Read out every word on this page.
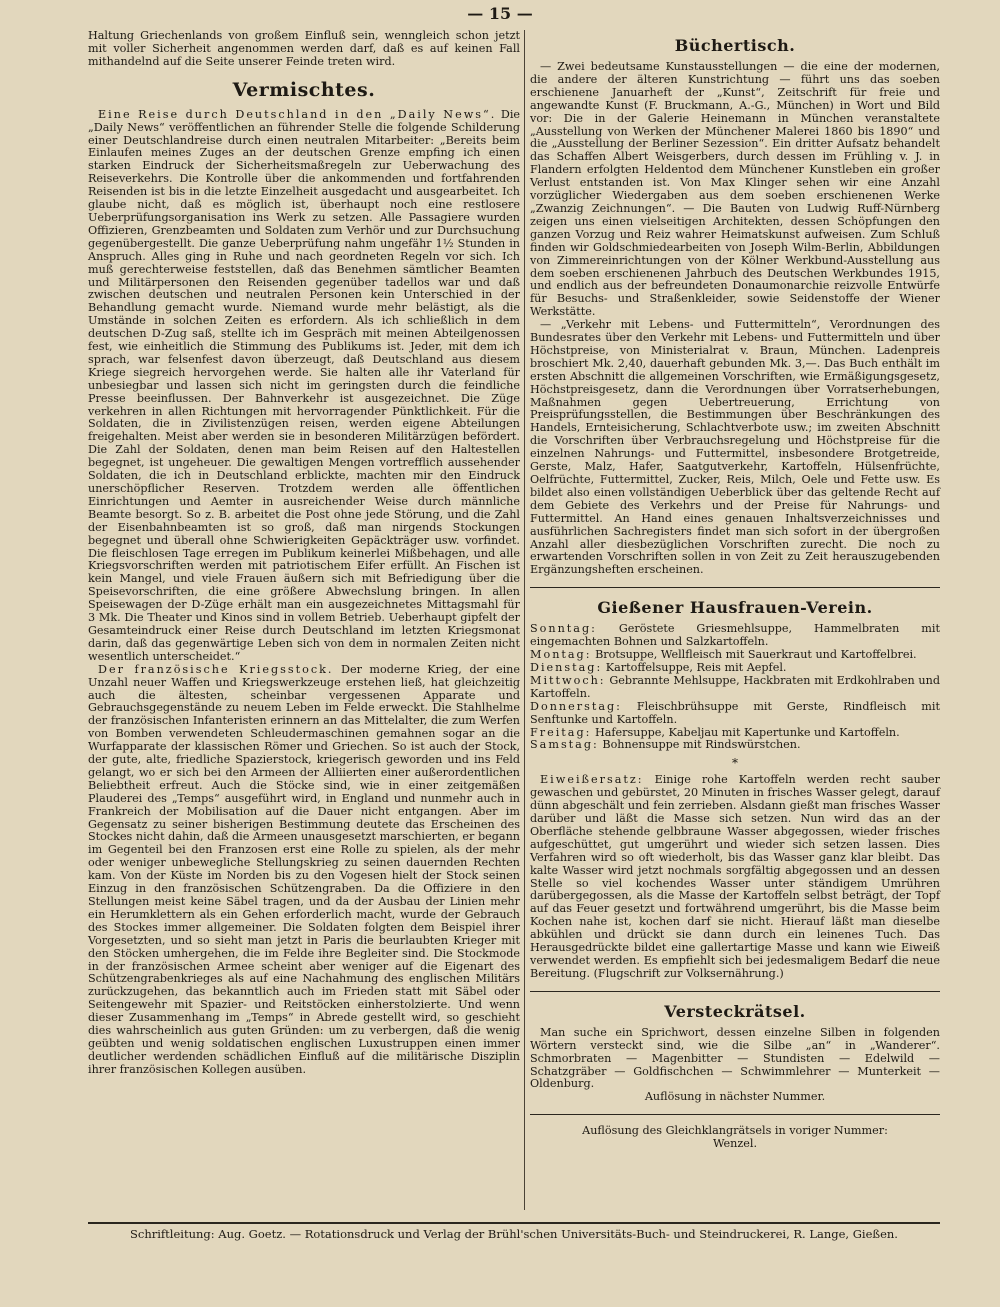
— 15 —

Haltung Griechenlands von großem Einfluß sein, wenngleich schon jetzt mit voller Sicherheit angenommen werden darf, daß es auf keinen Fall mithandelnd auf die Seite unserer Feinde treten wird.

Vermischtes.

Eine Reise durch Deutschland in den „Daily News“. Die „Daily News“ veröffentlichen an führender Stelle die folgende Schilderung einer Deutschlandreise durch einen neutralen Mitarbeiter: „Bereits beim Einlaufen meines Zuges an der deutschen Grenze empfing ich einen starken Eindruck der Sicherheitsmaßregeln zur Ueberwachung des Reiseverkehrs. Die Kontrolle über die ankommenden und fortfahrenden Reisenden ist bis in die letzte Einzelheit ausgedacht und ausgearbeitet. Ich glaube nicht, daß es möglich ist, überhaupt noch eine restlosere Ueberprüfungsorganisation ins Werk zu setzen. Alle Passagiere wurden Offizieren, Grenzbeamten und Soldaten zum Verhör und zur Durchsuchung gegenübergestellt. Die ganze Ueberprüfung nahm ungefähr 1½ Stunden in Anspruch. Alles ging in Ruhe und nach geordneten Regeln vor sich. Ich muß gerechterweise feststellen, daß das Benehmen sämtlicher Beamten und Militärpersonen den Reisenden gegenüber tadellos war und daß zwischen deutschen und neutralen Personen kein Unterschied in der Behandlung gemacht wurde. Niemand wurde mehr belästigt, als die Umstände in solchen Zeiten es erfordern. Als ich schließlich in dem deutschen D-Zug saß, stellte ich im Gespräch mit meinen Abteilgenossen fest, wie einheitlich die Stimmung des Publikums ist. Jeder, mit dem ich sprach, war felsenfest davon überzeugt, daß Deutschland aus diesem Kriege siegreich hervorgehen werde. Sie halten alle ihr Vaterland für unbesiegbar und lassen sich nicht im geringsten durch die feindliche Presse beeinflussen. Der Bahnverkehr ist ausgezeichnet. Die Züge verkehren in allen Richtungen mit hervorragender Pünktlichkeit. Für die Soldaten, die in Zivilistenzügen reisen, werden eigene Abteilungen freigehalten. Meist aber werden sie in besonderen Militärzügen befördert. Die Zahl der Soldaten, denen man beim Reisen auf den Haltestellen begegnet, ist ungeheuer. Die gewaltigen Mengen vortrefflich aussehender Soldaten, die ich in Deutschland erblickte, machten mir den Eindruck unerschöpflicher Reserven. Trotzdem werden alle öffentlichen Einrichtungen und Aemter in ausreichender Weise durch männliche Beamte besorgt. So z. B. arbeitet die Post ohne jede Störung, und die Zahl der Eisenbahnbeamten ist so groß, daß man nirgends Stockungen begegnet und überall ohne Schwierigkeiten Gepäckträger usw. vorfindet. Die fleischlosen Tage erregen im Publikum keinerlei Mißbehagen, und alle Kriegsvorschriften werden mit patriotischem Eifer erfüllt. An Fischen ist kein Mangel, und viele Frauen äußern sich mit Befriedigung über die Speisevorschriften, die eine größere Abwechslung bringen. In allen Speisewagen der D-Züge erhält man ein ausgezeichnetes Mittagsmahl für 3 Mk. Die Theater und Kinos sind in vollem Betrieb. Ueberhaupt gipfelt der Gesamteindruck einer Reise durch Deutschland im letzten Kriegsmonat darin, daß das gegenwärtige Leben sich von dem in normalen Zeiten nicht wesentlich unterscheidet.“

Der französische Kriegsstock. Der moderne Krieg, der eine Unzahl neuer Waffen und Kriegswerkzeuge erstehen ließ, hat gleichzeitig auch die ältesten, scheinbar vergessenen Apparate und Gebrauchsgegenstände zu neuem Leben im Felde erweckt. Die Stahlhelme der französischen Infanteristen erinnern an das Mittelalter, die zum Werfen von Bomben verwendeten Schleudermaschinen gemahnen sogar an die Wurfapparate der klassischen Römer und Griechen. So ist auch der Stock, der gute, alte, friedliche Spazierstock, kriegerisch geworden und ins Feld gelangt, wo er sich bei den Armeen der Alliierten einer außerordentlichen Beliebtheit erfreut. Auch die Stöcke sind, wie in einer zeitgemäßen Plauderei des „Temps“ ausgeführt wird, in England und nunmehr auch in Frankreich der Mobilisation auf die Dauer nicht entgangen. Aber im Gegensatz zu seiner bisherigen Bestimmung deutete das Erscheinen des Stockes nicht dahin, daß die Armeen unausgesetzt marschierten, er begann im Gegenteil bei den Franzosen erst eine Rolle zu spielen, als der mehr oder weniger unbewegliche Stellungskrieg zu seinen dauernden Rechten kam. Von der Küste im Norden bis zu den Vogesen hielt der Stock seinen Einzug in den französischen Schützengraben. Da die Offiziere in den Stellungen meist keine Säbel tragen, und da der Ausbau der Linien mehr ein Herumklettern als ein Gehen erforderlich macht, wurde der Gebrauch des Stockes immer allgemeiner. Die Soldaten folgten dem Beispiel ihrer Vorgesetzten, und so sieht man jetzt in Paris die beurlaubten Krieger mit den Stöcken umhergehen, die im Felde ihre Begleiter sind. Die Stockmode in der französischen Armee scheint aber weniger auf die Eigenart des Schützengrabenkrieges als auf eine Nachahmung des englischen Militärs zurückzugehen, das bekanntlich auch im Frieden statt mit Säbel oder Seitengewehr mit Spazier- und Reitstöcken einherstolzierte. Und wenn dieser Zusammenhang im „Temps“ in Abrede gestellt wird, so geschieht dies wahrscheinlich aus guten Gründen: um zu verbergen, daß die wenig geübten und wenig soldatischen englischen Luxustruppen einen immer deutlicher werdenden schädlichen Einfluß auf die militärische Disziplin ihrer französischen Kollegen ausüben.

Büchertisch.

— Zwei bedeutsame Kunstausstellungen — die eine der modernen, die andere der älteren Kunstrichtung — führt uns das soeben erschienene Januarheft der „Kunst“, Zeitschrift für freie und angewandte Kunst (F. Bruckmann, A.-G., München) in Wort und Bild vor: Die in der Galerie Heinemann in München veranstaltete „Ausstellung von Werken der Münchener Malerei 1860 bis 1890“ und die „Ausstellung der Berliner Sezession“. Ein dritter Aufsatz behandelt das Schaffen Albert Weisgerbers, durch dessen im Frühling v. J. in Flandern erfolgten Heldentod dem Münchener Kunstleben ein großer Verlust entstanden ist. Von Max Klinger sehen wir eine Anzahl vorzüglicher Wiedergaben aus dem soeben erschienenen Werke „Zwanzig Zeichnungen“. — Die Bauten von Ludwig Ruff-Nürnberg zeigen uns einen vielseitigen Architekten, dessen Schöpfungen den ganzen Vorzug und Reiz wahrer Heimatskunst aufweisen. Zum Schluß finden wir Goldschmiedearbeiten von Joseph Wilm-Berlin, Abbildungen von Zimmereinrichtungen von der Kölner Werkbund-Ausstellung aus dem soeben erschienenen Jahrbuch des Deutschen Werkbundes 1915, und endlich aus der befreundeten Donaumonarchie reizvolle Entwürfe für Besuchs- und Straßenkleider, sowie Seidenstoffe der Wiener Werkstätte.

— „Verkehr mit Lebens- und Futtermitteln“, Verordnungen des Bundesrates über den Verkehr mit Lebens- und Futtermitteln und über Höchstpreise, von Ministerialrat v. Braun, München. Ladenpreis broschiert Mk. 2,40, dauerhaft gebunden Mk. 3,—. Das Buch enthält im ersten Abschnitt die allgemeinen Vorschriften, wie Ermäßigungsgesetz, Höchstpreisgesetz, dann die Verordnungen über Vorratserhebungen, Maßnahmen gegen Uebertreuerung, Errichtung von Preisprüfungsstellen, die Bestimmungen über Beschränkungen des Handels, Ernteisicherung, Schlachtverbote usw.; im zweiten Abschnitt die Vorschriften über Verbrauchsregelung und Höchstpreise für die einzelnen Nahrungs- und Futtermittel, insbesondere Brotgetreide, Gerste, Malz, Hafer, Saatgutverkehr, Kartoffeln, Hülsenfrüchte, Oelfrüchte, Futtermittel, Zucker, Reis, Milch, Oele und Fette usw. Es bildet also einen vollständigen Ueberblick über das geltende Recht auf dem Gebiete des Verkehrs und der Preise für Nahrungs- und Futtermittel. An Hand eines genauen Inhaltsverzeichnisses und ausführlichen Sachregisters findet man sich sofort in der übergroßen Anzahl aller diesbezüglichen Vorschriften zurecht. Die noch zu erwartenden Vorschriften sollen in von Zeit zu Zeit herauszugebenden Ergänzungsheften erscheinen.

Gießener Hausfrauen-Verein.

Sonntag: Geröstete Griesmehlsuppe, Hammelbraten mit eingemachten Bohnen und Salzkartoffeln.

Montag: Brotsuppe, Wellfleisch mit Sauerkraut und Kartoffelbrei.

Dienstag: Kartoffelsuppe, Reis mit Aepfel.

Mittwoch: Gebrannte Mehlsuppe, Hackbraten mit Erdkohlraben und Kartoffeln.

Donnerstag: Fleischbrühsuppe mit Gerste, Rindfleisch mit Senftunke und Kartoffeln.

Freitag: Hafersuppe, Kabeljau mit Kapertunke und Kartoffeln.

Samstag: Bohnensuppe mit Rindswürstchen.

*

Eiweißersatz: Einige rohe Kartoffeln werden recht sauber gewaschen und gebürstet, 20 Minuten in frisches Wasser gelegt, darauf dünn abgeschält und fein zerrieben. Alsdann gießt man frisches Wasser darüber und läßt die Masse sich setzen. Nun wird das an der Oberfläche stehende gelbbraune Wasser abgegossen, wieder frisches aufgeschüttet, gut umgerührt und wieder sich setzen lassen. Dies Verfahren wird so oft wiederholt, bis das Wasser ganz klar bleibt. Das kalte Wasser wird jetzt nochmals sorgfältig abgegossen und an dessen Stelle so viel kochendes Wasser unter ständigem Umrühren darübergegossen, als die Masse der Kartoffeln selbst beträgt, der Topf auf das Feuer gesetzt und fortwährend umgerührt, bis die Masse beim Kochen nahe ist, kochen darf sie nicht. Hierauf läßt man dieselbe abkühlen und drückt sie dann durch ein leinenes Tuch. Das Herausgedrückte bildet eine gallertartige Masse und kann wie Eiweiß verwendet werden. Es empfiehlt sich bei jedesmaligem Bedarf die neue Bereitung. (Flugschrift zur Volksernährung.)

Versteckrätsel.

Man suche ein Sprichwort, dessen einzelne Silben in folgenden Wörtern versteckt sind, wie die Silbe „an“ in „Wanderer“. Schmorbraten — Magenbitter — Stundisten — Edelwild — Schatzgräber — Goldfischchen — Schwimmlehrer — Munterkeit — Oldenburg.

Auflösung in nächster Nummer.

Auflösung des Gleichklangrätsels in voriger Nummer:

Wenzel.

Schriftleitung: Aug. Goetz. — Rotationsdruck und Verlag der Brühl'schen Universitäts-Buch- und Steindruckerei, R. Lange, Gießen.
